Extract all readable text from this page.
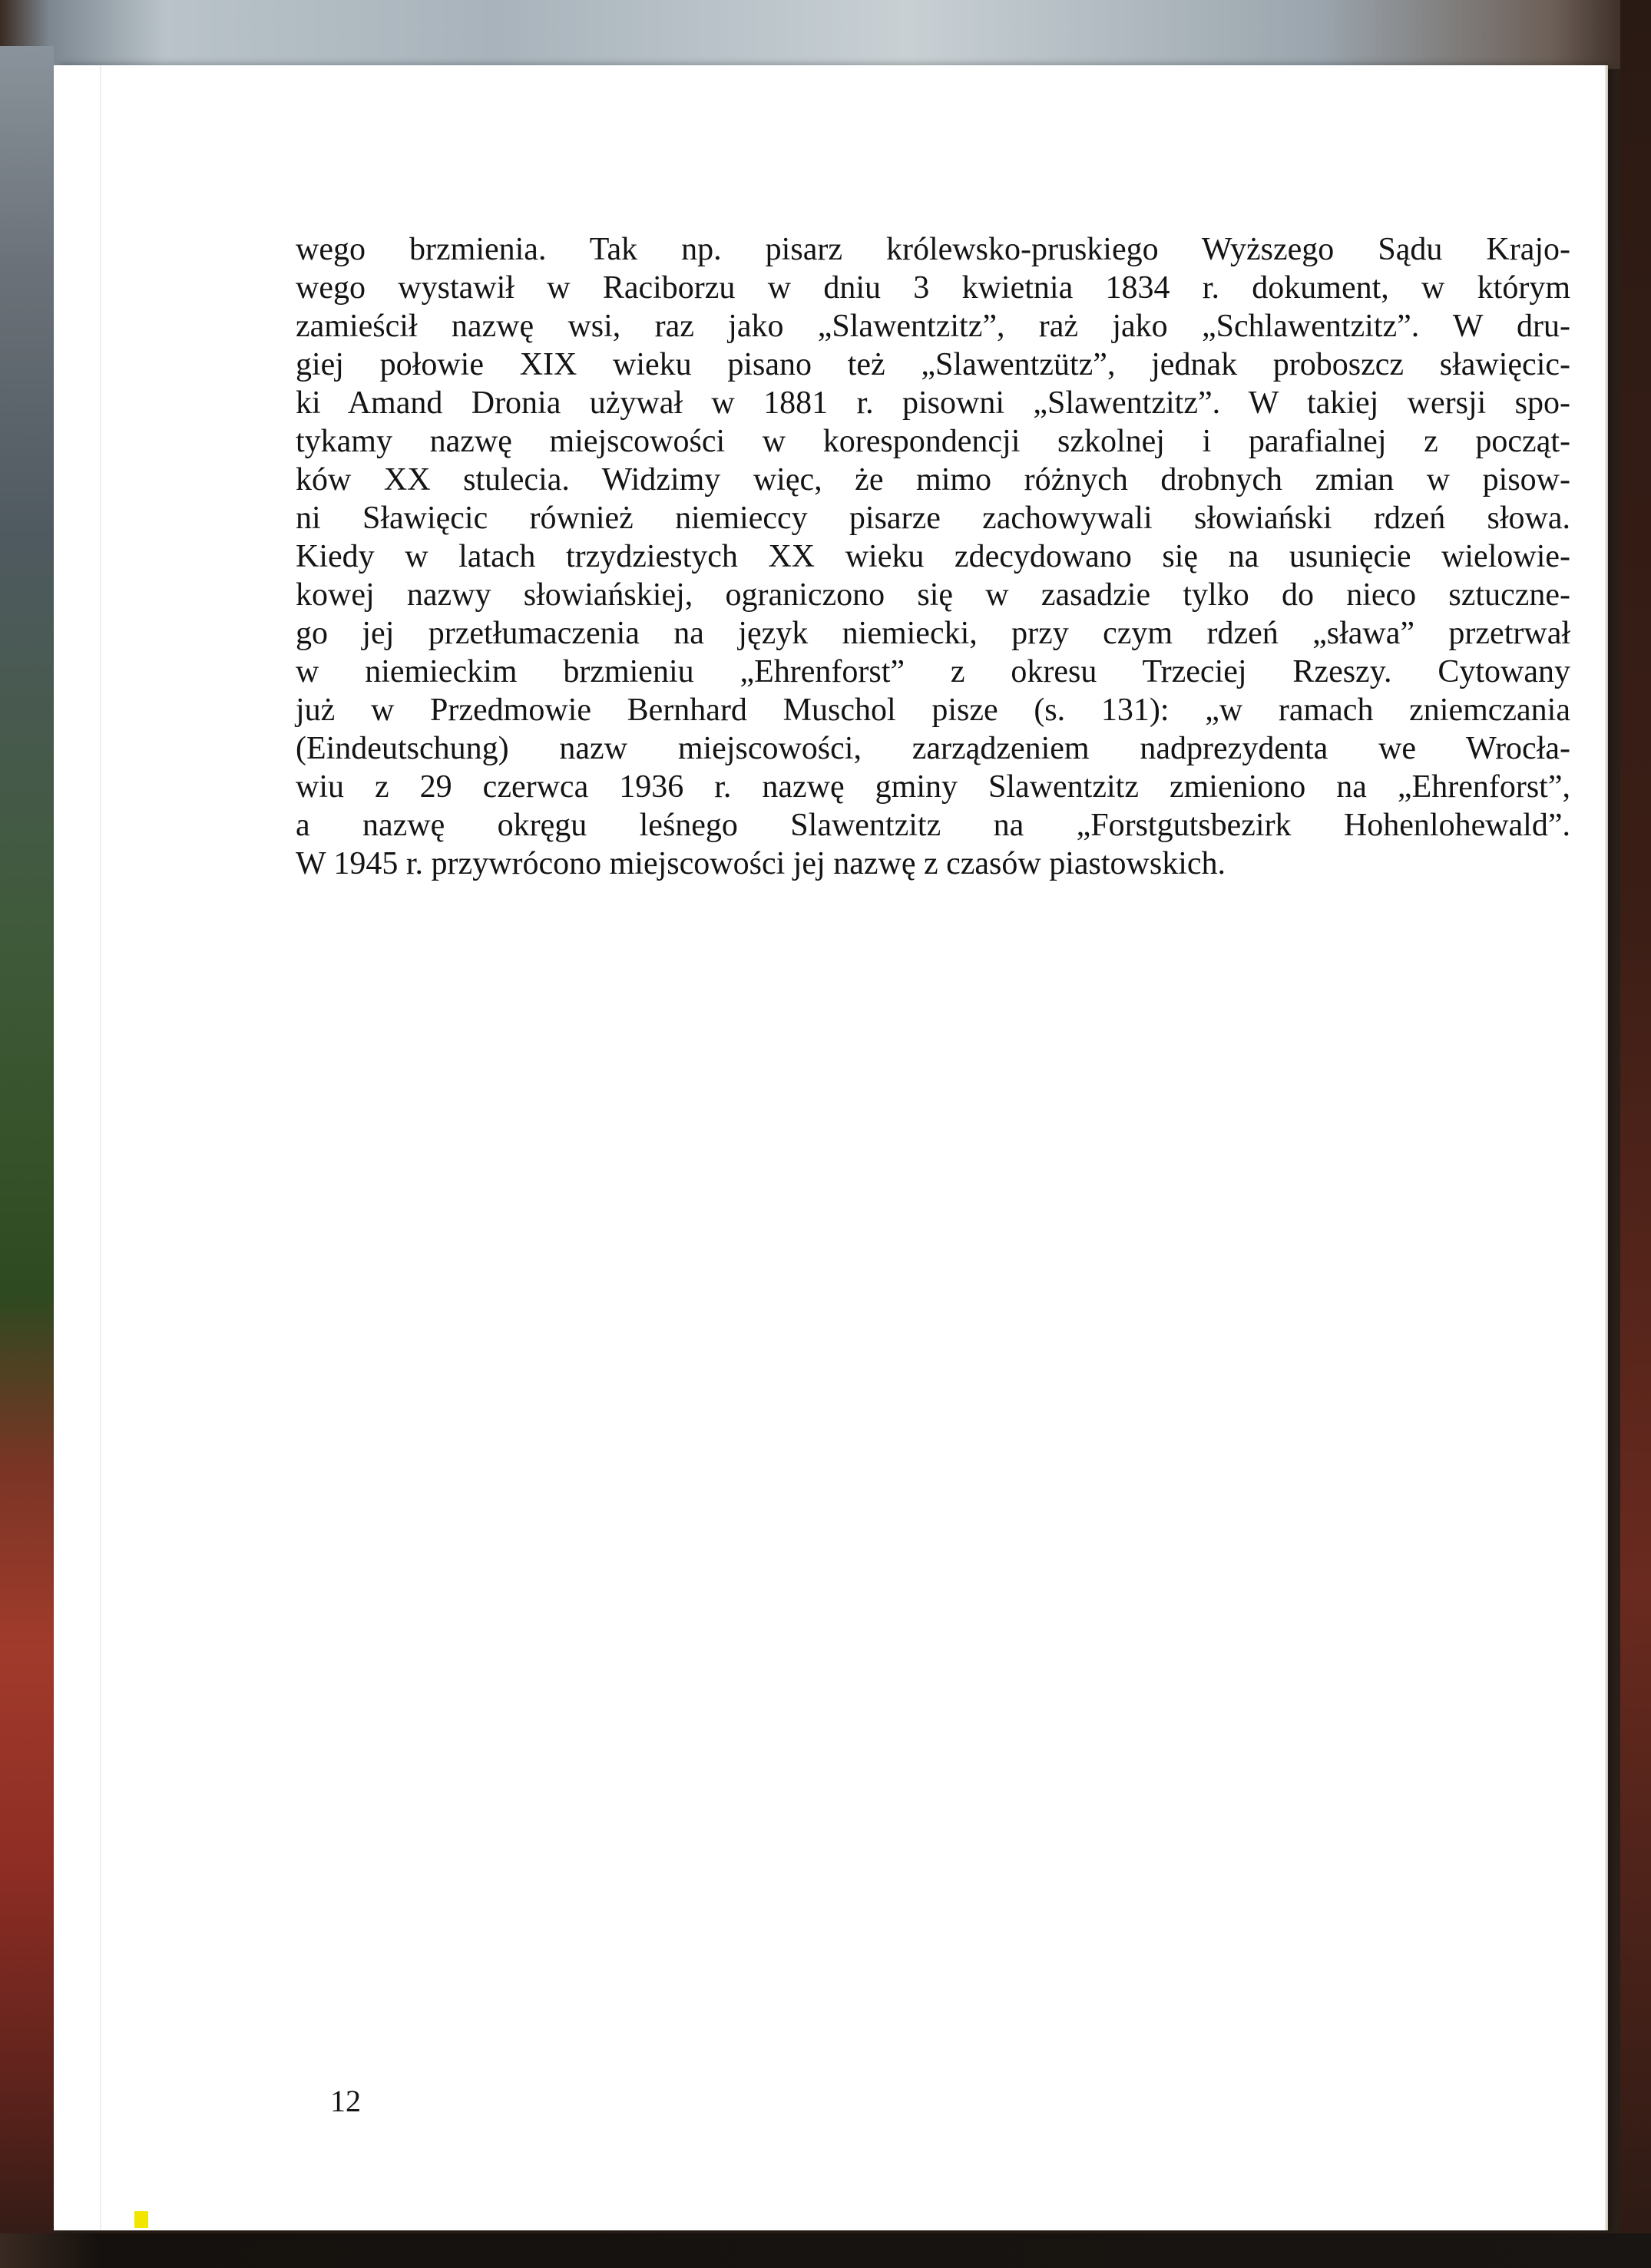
wego brzmienia. Tak np. pisarz królewsko-pruskiego Wyższego Sądu Krajo-
wego wystawił w Raciborzu w dniu 3 kwietnia 1834 r. dokument, w którym
zamieścił nazwę wsi, raz jako „Slawentzitz”, raż jako „Schlawentzitz”. W dru-
giej połowie XIX wieku pisano też „Slawentzütz”, jednak proboszcz sławięcic-
ki Amand Dronia używał w 1881 r. pisowni „Slawentzitz”. W takiej wersji spo-
tykamy nazwę miejscowości w korespondencji szkolnej i parafialnej z począt-
ków XX stulecia. Widzimy więc, że mimo różnych drobnych zmian w pisow-
ni Sławięcic również niemieccy pisarze zachowywali słowiański rdzeń słowa.
Kiedy w latach trzydziestych XX wieku zdecydowano się na usunięcie wielowie-
kowej nazwy słowiańskiej, ograniczono się w zasadzie tylko do nieco sztuczne-
go jej przetłumaczenia na język niemiecki, przy czym rdzeń „sława” przetrwał
w niemieckim brzmieniu „Ehrenforst” z okresu Trzeciej Rzeszy. Cytowany
już w Przedmowie Bernhard Muschol pisze (s. 131): „w ramach zniemczania
(Eindeutschung) nazw miejscowości, zarządzeniem nadprezydenta we Wrocła-
wiu z 29 czerwca 1936 r. nazwę gminy Slawentzitz zmieniono na „Ehrenforst”,
a nazwę okręgu leśnego Slawentzitz na „Forstgutsbezirk Hohenlohewald”.
W 1945 r. przywrócono miejscowości jej nazwę z czasów piastowskich.
12
